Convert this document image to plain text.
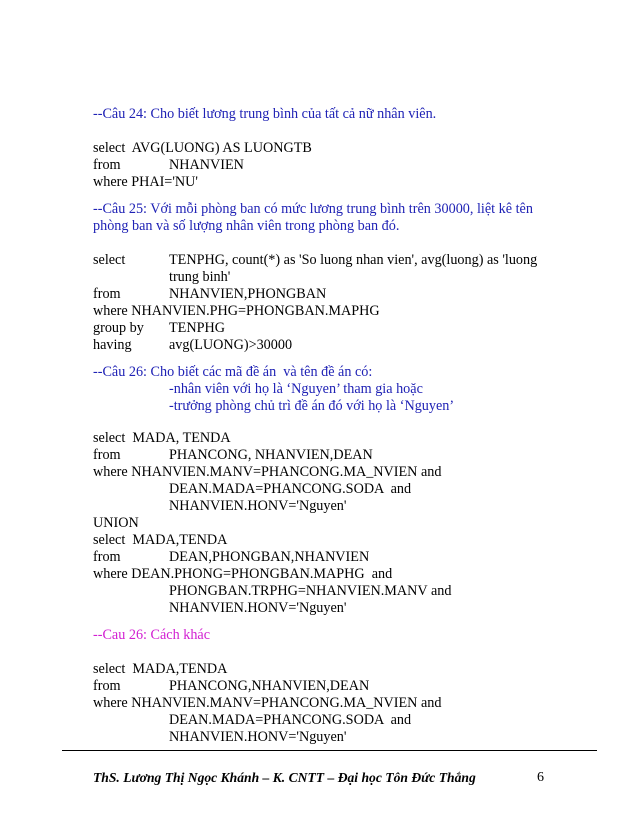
--Câu 24: Cho biết lương trung bình của tất cả nữ nhân viên.
select  AVG(LUONG) AS LUONGTB
from	NHANVIEN
where PHAI='NU'
--Câu 25: Với mỗi phòng ban có mức lương trung bình trên 30000, liệt kê tên
phòng ban và số lượng nhân viên trong phòng ban đó.
select	TENPHG, count(*) as 'So luong nhan vien', avg(luong) as 'luong
trung binh'
from	NHANVIEN,PHONGBAN
where NHANVIEN.PHG=PHONGBAN.MAPHG
group by TENPHG
having	avg(LUONG)>30000
--Câu 26: Cho biết các mã đề án  và tên đề án có:
-nhân viên với họ là ‘Nguyen’ tham gia hoặc
-trưởng phòng chủ trì đề án đó với họ là ‘Nguyen’
select  MADA, TENDA
from	PHANCONG, NHANVIEN,DEAN
where NHANVIEN.MANV=PHANCONG.MA_NVIEN and
DEAN.MADA=PHANCONG.SODA  and
NHANVIEN.HONV='Nguyen'
UNION
select  MADA,TENDA
from	DEAN,PHONGBAN,NHANVIEN
where DEAN.PHONG=PHONGBAN.MAPHG  and
PHONGBAN.TRPHG=NHANVIEN.MANV and
NHANVIEN.HONV='Nguyen'
--Cau 26: Cách khác
select  MADA,TENDA
from	PHANCONG,NHANVIEN,DEAN
where NHANVIEN.MANV=PHANCONG.MA_NVIEN and
DEAN.MADA=PHANCONG.SODA  and
NHANVIEN.HONV='Nguyen'
ThS. Lương Thị Ngọc Khánh – K. CNTT – Đại học Tôn Đức Thắng	6
